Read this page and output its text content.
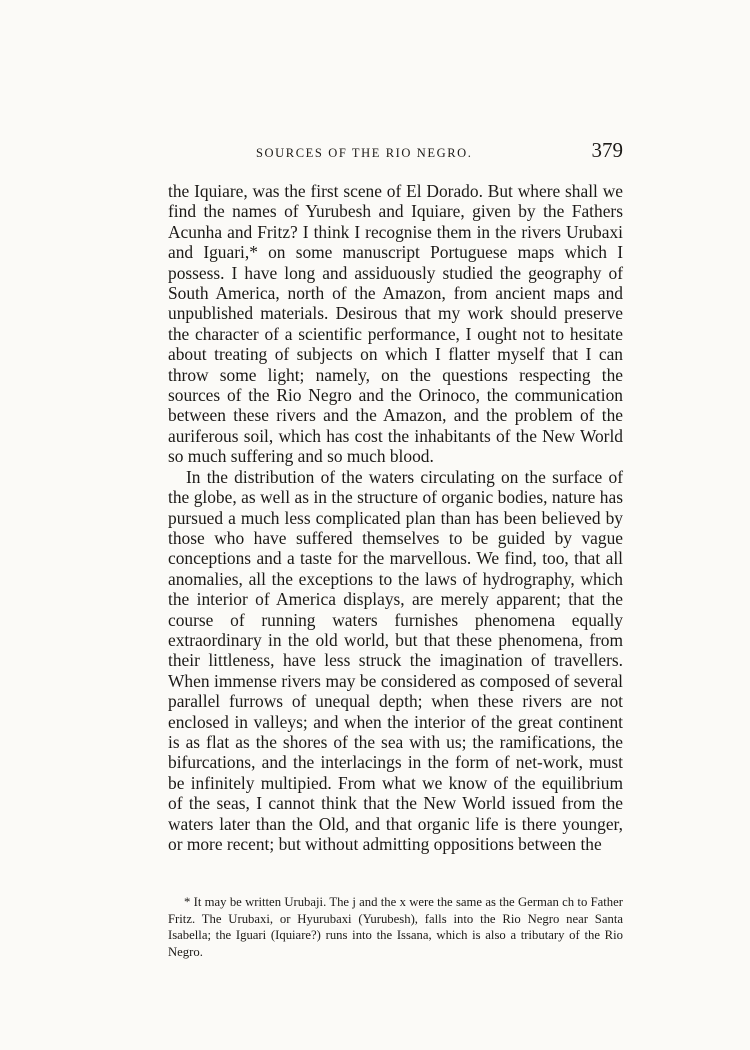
SOURCES OF THE RIO NEGRO.	379

the Iquiare, was the first scene of El Dorado. But where shall we find the names of Yurubesh and Iquiare, given by the Fathers Acunha and Fritz? I think I recognise them in the rivers Urubaxi and Iguari,* on some manuscript Portuguese maps which I possess. I have long and assiduously studied the geography of South America, north of the Amazon, from ancient maps and unpublished materials. Desirous that my work should preserve the character of a scientific performance, I ought not to hesitate about treating of subjects on which I flatter myself that I can throw some light; namely, on the questions respecting the sources of the Rio Negro and the Orinoco, the communication between these rivers and the Amazon, and the problem of the auriferous soil, which has cost the inhabitants of the New World so much suffering and so much blood.

In the distribution of the waters circulating on the surface of the globe, as well as in the structure of organic bodies, nature has pursued a much less complicated plan than has been believed by those who have suffered themselves to be guided by vague conceptions and a taste for the marvellous. We find, too, that all anomalies, all the exceptions to the laws of hydrography, which the interior of America displays, are merely apparent; that the course of running waters furnishes phenomena equally extraordinary in the old world, but that these phenomena, from their littleness, have less struck the imagination of travellers. When immense rivers may be considered as composed of several parallel furrows of unequal depth; when these rivers are not enclosed in valleys; and when the interior of the great continent is as flat as the shores of the sea with us; the ramifications, the bifurcations, and the interlacings in the form of net-work, must be infinitely multipied. From what we know of the equilibrium of the seas, I cannot think that the New World issued from the waters later than the Old, and that organic life is there younger, or more recent; but without admitting oppositions between the

* It may be written Urubaji. The j and the x were the same as the German ch to Father Fritz. The Urubaxi, or Hyurubaxi (Yurubesh), falls into the Rio Negro near Santa Isabella; the Iguari (Iquiare?) runs into the Issana, which is also a tributary of the Rio Negro.
